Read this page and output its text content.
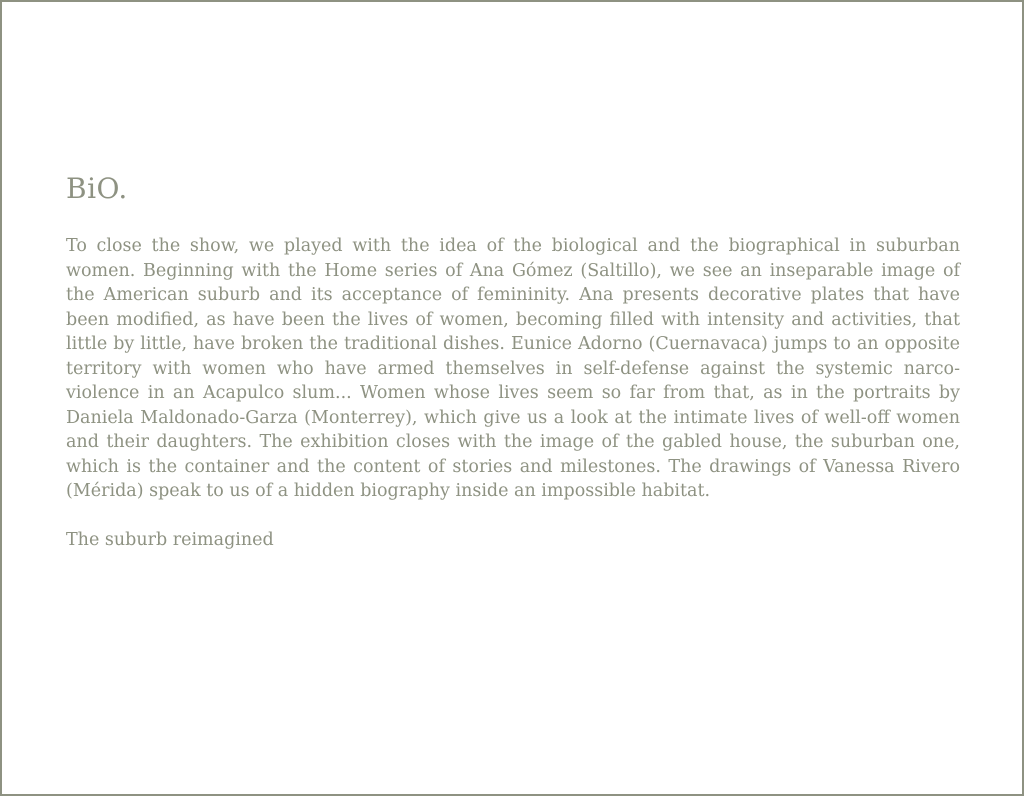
BiO.

To close the show, we played with the idea of the biological and the biographical in suburban women. Beginning with the Home series of Ana Gómez (Saltillo), we see an inseparable image of the American suburb and its acceptance of femininity. Ana presents decorative plates that have been modified, as have been the lives of women, becoming filled with intensity and activities, that little by little, have broken the traditional dishes. Eunice Adorno (Cuernavaca) jumps to an opposite territory with women who have armed themselves in self-defense against the systemic narco-violence in an Acapulco slum... Women whose lives seem so far from that, as in the portraits by Daniela Maldonado-Garza (Monterrey), which give us a look at the intimate lives of well-off women and their daughters. The exhibition closes with the image of the gabled house, the suburban one, which is the container and the content of stories and milestones. The drawings of Vanessa Rivero (Mérida) speak to us of a hidden biography inside an impossible habitat.

The suburb reimagined
